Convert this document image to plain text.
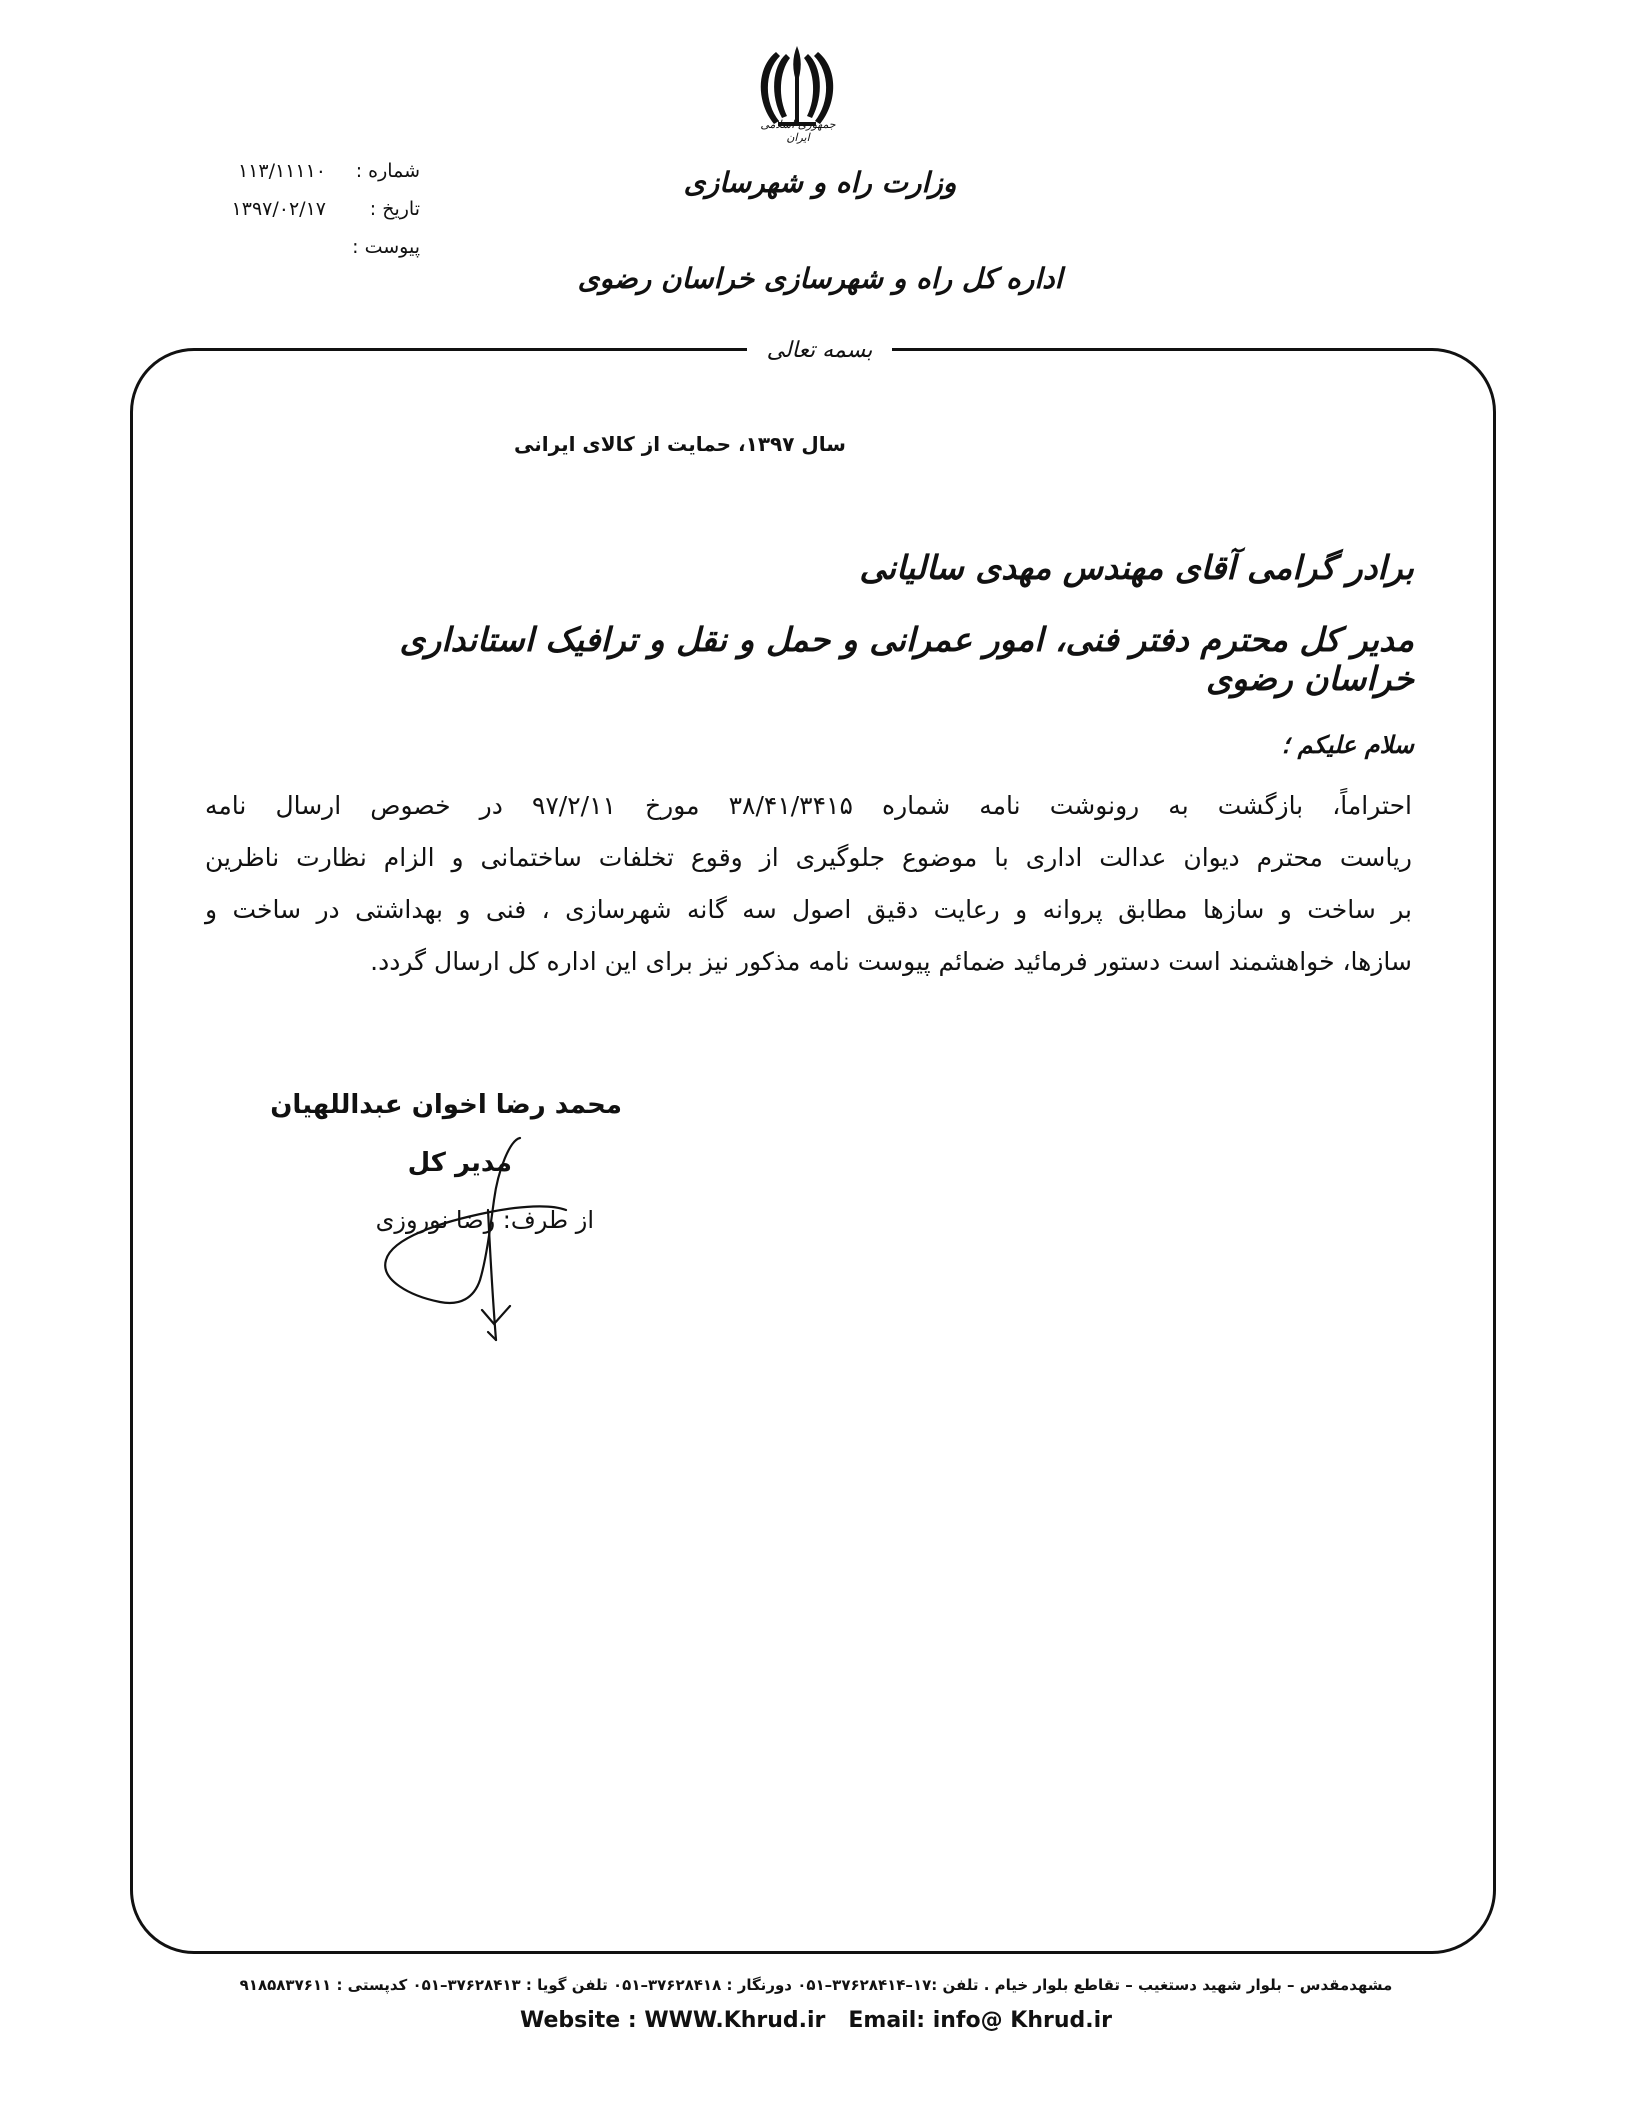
جمهوری اسلامی ایران
وزارت راه و شهرسازی
اداره کل راه و شهرسازی خراسان رضوی
شماره :
۱۱۳/۱۱۱۱۰
تاریخ :
۱۳۹۷/۰۲/۱۷
پیوست :
بسمه تعالی
سال ۱۳۹۷، حمایت از کالای ایرانی
برادر گرامی آقای مهندس مهدی سالیانی
مدیر کل محترم دفتر فنی، امور عمرانی و حمل و نقل و ترافیک استانداری خراسان رضوی
سلام علیکم ؛
احتراماً، بازگشت به رونوشت نامه شماره ۳۸/۴۱/۳۴۱۵ مورخ ۹۷/۲/۱۱ در خصوص ارسال نامه
ریاست محترم دیوان عدالت اداری با موضوع جلوگیری از وقوع تخلفات ساختمانی و الزام نظارت ناظرین
بر ساخت و سازها مطابق پروانه و رعایت دقیق اصول سه گانه شهرسازی ، فنی و بهداشتی در ساخت و
سازها، خواهشمند است دستور فرمائید ضمائم پیوست نامه مذکور نیز برای این اداره کل ارسال گردد.
محمد رضا اخوان عبداللهیان
مدیر کل
از طرف: رضا نوروزی
مشهدمقدس – بلوار شهید دستغیب – تقاطع بلوار خیام . تلفن :۱۷–۳۷۶۲۸۴۱۴–۰۵۱ دورنگار : ۳۷۶۲۸۴۱۸–۰۵۱ تلفن گویا : ۳۷۶۲۸۴۱۳–۰۵۱ کدپستی : ۹۱۸۵۸۳۷۶۱۱
Website : WWW.Khrud.ir   Email: info@ Khrud.ir
